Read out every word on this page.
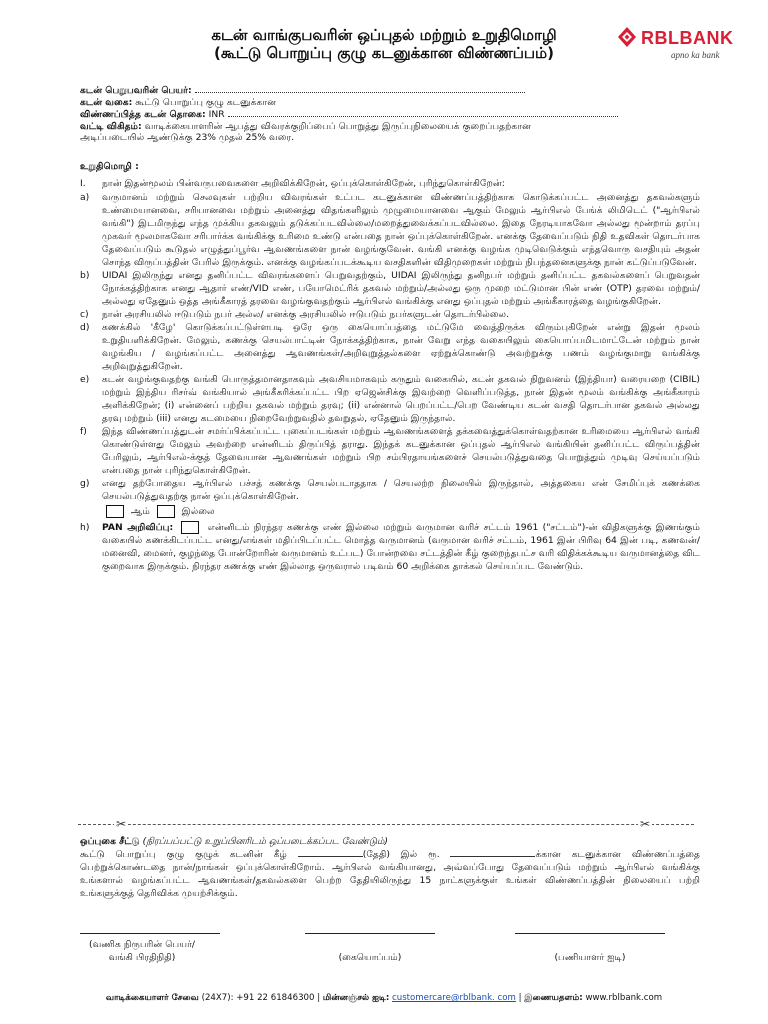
கடன் வாங்குபவரின் ஒப்புதல் மற்றும் உறுதிமொழி
(கூட்டு பொறுப்பு குழு கடனுக்கான விண்ணப்பம்)
RBLBANK
apno ka bank
கடன் பெறுபவரின் பெயர்:
கடன் வகை: கூட்டு பொறுப்பு குழு கடனுக்கான
விண்ணப்பித்த கடன் தொகை: INR
வட்டி விகிதம்: வாடிக்கையாளரின் ஆபத்து விவரக்குறிப்பைப் பொறுத்து இருப்புநிலையைக் குறைப்பதற்கான
அடிப்படையில் ஆண்டுக்கு 23% முதல் 25% வரை.
உறுதிமொழி :
I. நான் இதன்மூலம் பின்வருபவைகளை அறிவிக்கிறேன், ஒப்புக்கொள்கிறேன், புரிந்துகொள்கிறேன்:
a) வருமானம் மற்றும் செலவுகள் பற்றிய விவரங்கள் உட்பட கடனுக்கான விண்ணப்பத்திற்காக கொடுக்கப்பட்ட அனைத்து தகவல்களும் உண்மையானவை, சரியானவை மற்றும் அனைத்து விதங்களிலும் முழுமையானவை ஆகும் மேலும் ஆர்பிஎல் பேங்க் லிமிடெட் ("ஆர்பிஎல் வங்கி") இடமிருந்து எந்த முக்கிய தகவலும் தடுக்கப்படவில்லை/மறைத்துவைக்கப்படவில்லை. இதை நேரடியாகவோ அல்லது மூன்றாம் தரப்பு முகவர் மூலமாகவோ சரிபார்க்க வங்கிக்கு உரிமை உண்டு என்பதை நான் ஒப்புக்கொள்கிறேன். எனக்கு தேவைப்படும் நிதி உதவிகள் தொடர்பாக தேவைப்படும் கூடுதல் எழுத்துப்பூர்வ ஆவணங்களை நான் வழங்குவேன். வங்கி எனக்கு வழங்க முடிவெடுக்கும் எந்தவொரு வசதியும் அதன் சொந்த விருப்பத்தின் பேரில் இருக்கும். எனக்கு வழங்கப்படக்கூடிய வசதிகளின் விதிமுறைகள் மற்றும் நிபந்தனைகளுக்கு நான் கட்டுப்படுவேன்.
b) UIDAI இலிருந்து எனது தனிப்பட்ட விவரங்களைப் பெறுவதற்கும், UIDAI இலிருந்து தனிநபர் மற்றும் தனிப்பட்ட தகவல்களைப் பெறுவதன் நோக்கத்திற்காக எனது ஆதார் எண்/VID எண், பயோமெட்ரிக் தகவல் மற்றும்/அல்லது ஒரு முறை மட்டுமான பின் எண் (OTP) தரவை மற்றும்/அல்லது ஏதேனும் ஒத்த அங்கீகாரத் தரவை வழங்குவதற்கும் ஆர்பிஎல் வங்கிக்கு எனது ஒப்புதல் மற்றும் அங்கீகாரத்தை வழங்குகிறேன்.
c) நான் அரசியலில் ஈடுபடும் நபர் அல்ல/ எனக்கு அரசியலில் ஈடுபடும் நபர்களுடன் தொடர்பில்லை.
d) கணக்கில் 'கீழே' கொடுக்கப்பட்டுள்ளபடி ஒரே ஒரு கையொப்பத்தை மட்டுமே வைத்திருக்க விரும்புகிறேன் என்று இதன் மூலம் உறுதியளிக்கிறேன். மேலும், கணக்கு செயல்பாட்டின் நோக்கத்திற்காக, நான் வேறு எந்த வகையிலும் கையொப்பமிடமாட்டேன் மற்றும் நான் வழங்கிய / வழங்கப்பட்ட அனைத்து ஆவணங்கள்/அறிவுறுத்தல்களை ஏற்றுக்கொண்டு அவற்றுக்கு பணம் வழங்குமாறு வங்கிக்கு அறிவுறுத்துகிறேன்.
e) கடன் வழங்குவதற்கு வங்கி பொருத்தமானதாகவும் அவசியமாகவும் கருதும் வகையில், கடன் தகவல் நிறுவனம் (இந்தியா) வரையறை (CIBIL) மற்றும் இந்திய ரிசர்வ் வங்கியால் அங்கீகரிக்கப்பட்ட பிற ஏஜென்சிக்கு இவற்றை வெளிப்படுத்த, நான் இதன் மூலம் வங்கிக்கு அங்கீகாரம் அளிக்கிறேன்; (i) என்னைப் பற்றிய தகவல் மற்றும் தரவு; (ii) என்னால் பெறப்பட்ட/பெற வேண்டிய கடன் வசதி தொடர்பான தகவல் அல்லது தரவு மற்றும் (iii) எனது கடமையை நிறைவேற்றுவதில் தவறுதல், ஏதேனும் இருந்தால்.
f) இந்த விண்ணப்பத்துடன் சமர்ப்பிக்கப்பட்ட புகைப்படங்கள் மற்றும் ஆவணங்களைத் தக்கவைத்துக்கொள்வதற்கான உரிமையை ஆர்பிஎல் வங்கி கொண்டுள்ளது மேலும் அவற்றை என்னிடம் திருப்பித் தராது. இந்தக் கடனுக்கான ஒப்புதல் ஆர்பிஎல் வங்கியின் தனிப்பட்ட விருப்பத்தின் பேரிலும், ஆர்பிஎல்-க்குத் தேவையான ஆவணங்கள் மற்றும் பிற சம்பிரதாயங்களைச் செயல்படுத்துவதை பொறுத்தும் முடிவு செய்யப்படும் என்பதை நான் புரிந்துகொள்கிறேன்.
g) எனது தற்போதைய ஆர்பிஎல் பச்சத் கணக்கு செயல்படாததாக / செயலற்ற நிலையில் இருந்தால், அத்தகைய என் சேமிப்புக் கணக்கை செயல்படுத்துவதற்கு நான் ஒப்புக்கொள்கிறேன்.
ஆம்	இல்லை
h) PAN அறிவிப்பு:	என்னிடம் நிரந்தர கணக்கு எண் இல்லை மற்றும் வருமான வரிச் சட்டம் 1961 ("சட்டம்")-ன் விதிகளுக்கு இணங்கும் வகையில் கணக்கிடப்பட்ட எனது/எங்கள் மதிப்பிடப்பட்ட மொத்த வருமானம் (வருமான வரிச் சட்டம், 1961 இன் பிரிவு 64 இன் படி, கணவன்/மனைவி, மைனர், குழந்தை போன்றோரின் வருமானம் உட்பட) போன்றவை சட்டத்தின் கீழ் குறைந்தபட்ச வரி விதிக்கக்கூடிய வருமானத்தை விட குறைவாக இருக்கும். நிரந்தர கணக்கு எண் இல்லாத ஒருவரால் படிவம் 60 அறிக்கை தாக்கல் செய்யப்பட வேண்டும்.
✂	✂
ஒப்புகை சீட்டு (நிரப்பப்பட்டு உறுப்பினரிடம் ஒப்படைக்கப்பட வேண்டும்)
கூட்டு பொறுப்பு குழு குழுக் கடனின் கீழ்	(தேதி) இல் ரூ.	க்கான கடனுக்கான விண்ணப்பத்தை பெற்றுக்கொண்டதை நான்/நாங்கள் ஒப்புக்கொள்கிறோம். ஆர்பிஎல் வங்கியானது, அவ்வப்போது தேவைப்படும் மற்றும் ஆர்பிஎல் வங்கிக்கு உங்களால் வழங்கப்பட்ட ஆவணங்கள்/தகவல்களை பெற்ற தேதியிலிருந்து 15 நாட்களுக்குள் உங்கள் விண்ணப்பத்தின் நிலையைப் பற்றி உங்களுக்குத் தெரிவிக்க முயற்சிக்கும்.
(வணிக நிருபரின் பெயர்/
வங்கி பிரதிநிதி)	(கையொப்பம்)	(பணியாளர் ஐடி)
வாடிக்கையாளர் சேவை (24X7): +91 22 61846300 | மின்னஞ்சல் ஐடி: customercare@rblbank. com | இணையதளம்: www.rblbank.com
